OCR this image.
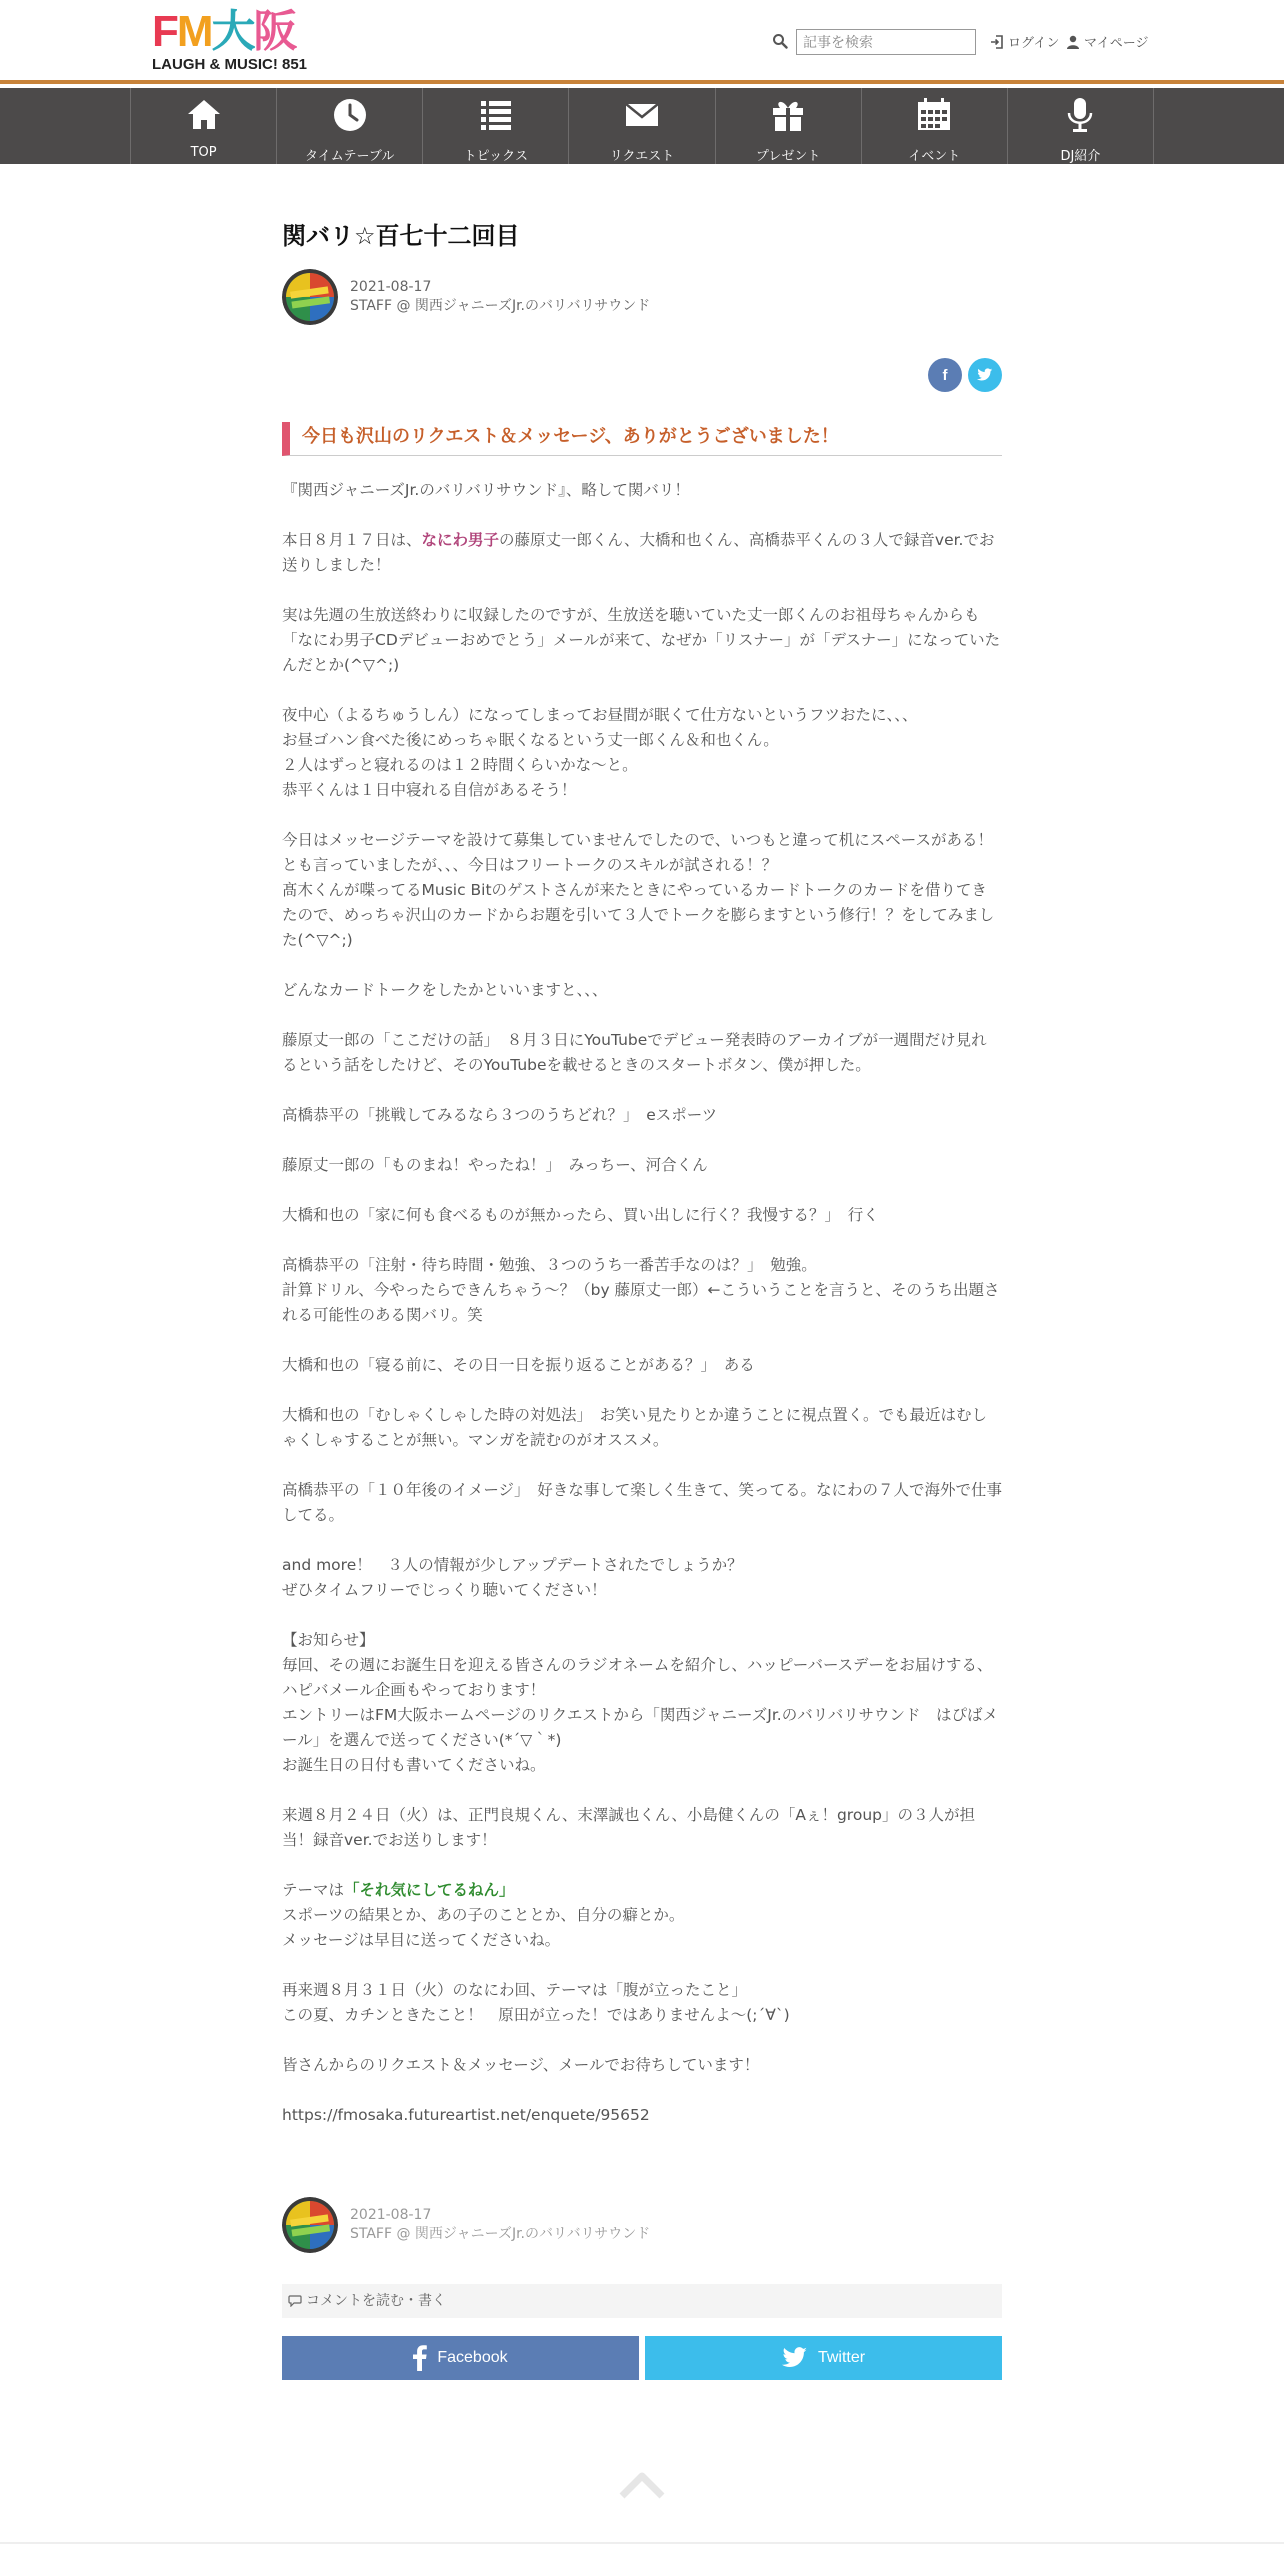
F M 大 阪
LAUGH & MUSIC! 851
記事を検索
ログイン マイページ
TOP	タイムテーブル	トピックス	リクエスト	プレゼント	イベント	DJ紹介
関バリ☆百七十二回目
2021-08-17
STAFF @ 関西ジャニーズJr.のバリバリサウンド
f
今日も沢山のリクエスト＆メッセージ、ありがとうございました！

『関西ジャニーズJr.のバリバリサウンド』、略して関バリ！

本日８月１７日は、なにわ男子の藤原丈一郎くん、大橋和也くん、高橋恭平くんの３人で録音ver.でお送りしました！

実は先週の生放送終わりに収録したのですが、生放送を聴いていた丈一郎くんのお祖母ちゃんからも「なにわ男子CDデビューおめでとう」メールが来て、なぜか「リスナー」が「デスナー」になっていたんだとか(^▽^;)

夜中心（よるちゅうしん）になってしまってお昼間が眠くて仕方ないというフツおたに、、、
お昼ゴハン食べた後にめっちゃ眠くなるという丈一郎くん＆和也くん。
２人はずっと寝れるのは１２時間くらいかな～と。
恭平くんは１日中寝れる自信があるそう！

今日はメッセージテーマを設けて募集していませんでしたので、いつもと違って机にスペースがある！とも言っていましたが、、、今日はフリートークのスキルが試される！？
髙木くんが喋ってるMusic Bitのゲストさんが来たときにやっているカードトークのカードを借りてきたので、めっちゃ沢山のカードからお題を引いて３人でトークを膨らますという修行！？をしてみました(^▽^;)

どんなカードトークをしたかといいますと、、、

藤原丈一郎の「ここだけの話」　８月３日にYouTubeでデビュー発表時のアーカイブが一週間だけ見れるという話をしたけど、そのYouTubeを載せるときのスタートボタン、僕が押した。

高橋恭平の「挑戦してみるなら３つのうちどれ？」　eスポーツ

藤原丈一郎の「ものまね！やったね！」　みっちー、河合くん

大橋和也の「家に何も食べるものが無かったら、買い出しに行く？我慢する？」　行く

高橋恭平の「注射・待ち時間・勉強、３つのうち一番苦手なのは？」　勉強。
計算ドリル、今やったらできんちゃう～？（by 藤原丈一郎）←こういうことを言うと、そのうち出題される可能性のある関バリ。笑

大橋和也の「寝る前に、その日一日を振り返ることがある？」　ある

大橋和也の「むしゃくしゃした時の対処法」　お笑い見たりとか違うことに視点置く。でも最近はむしゃくしゃすることが無い。マンガを読むのがオススメ。

高橋恭平の「１０年後のイメージ」　好きな事して楽しく生きて、笑ってる。なにわの７人で海外で仕事してる。

and more！　３人の情報が少しアップデートされたでしょうか？
ぜひタイムフリーでじっくり聴いてください！

【お知らせ】
毎回、その週にお誕生日を迎える皆さんのラジオネームを紹介し、ハッピーバースデーをお届けする、ハピバメール企画もやっております！
エントリーはFM大阪ホームページのリクエストから「関西ジャニーズJr.のバリバリサウンド　はぴばメール」を選んで送ってください(*´▽｀*)
お誕生日の日付も書いてくださいね。

来週８月２４日（火）は、正門良規くん、末澤誠也くん、小島健くんの「Aぇ！group」の３人が担当！録音ver.でお送りします！

テーマは「それ気にしてるねん」
スポーツの結果とか、あの子のこととか、自分の癖とか。
メッセージは早目に送ってくださいね。

再来週８月３１日（火）のなにわ回、テーマは「腹が立ったこと」
この夏、カチンときたこと！　原田が立った！ではありませんよ～(;´∀`)

皆さんからのリクエスト＆メッセージ、メールでお待ちしています！

https://fmosaka.futureartist.net/enquete/95652

2021-08-17
STAFF @ 関西ジャニーズJr.のバリバリサウンド
コメントを読む・書く
Facebook	Twitter
